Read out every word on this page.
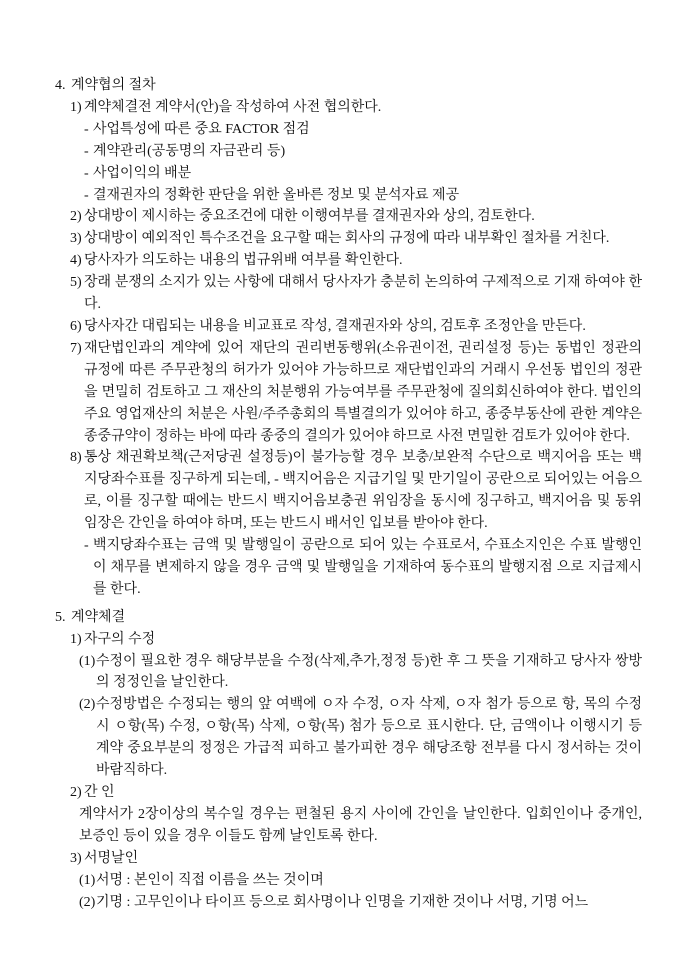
4. 계약협의 절차
1) 계약체결전 계약서(안)을 작성하여 사전 협의한다.
- 사업특성에 따른 중요 FACTOR 점검
- 계약관리(공동명의 자금관리 등)
- 사업이익의 배분
- 결재권자의 정확한 판단을 위한 올바른 정보 및 분석자료 제공
2) 상대방이 제시하는 중요조건에 대한 이행여부를 결재권자와 상의, 검토한다.
3) 상대방이 예외적인 특수조건을 요구할 때는 회사의 규정에 따라 내부확인 절차를 거친다.
4) 당사자가 의도하는 내용의 법규위배 여부를 확인한다.
5) 장래 분쟁의 소지가 있는 사항에 대해서 당사자가 충분히 논의하여 구제적으로 기재 하여야 한다.
6) 당사자간 대립되는 내용을 비교표로 작성, 결재권자와 상의, 검토후 조정안을 만든다.
7) 재단법인과의 계약에 있어 재단의 권리변동행위(소유권이전, 권리설정 등)는 동법인 정관의 규정에 따른 주무관청의 허가가 있어야 가능하므로 재단법인과의 거래시 우선동 법인의 정관을 면밀히 검토하고 그 재산의 처분행위 가능여부를 주무관청에 질의회신하여야 한다. 법인의 주요 영업재산의 처분은 사원/주주총회의 특별결의가 있어야 하고, 종중부동산에 관한 계약은 종중규약이 정하는 바에 따라 종중의 결의가 있어야 하므로 사전 면밀한 검토가 있어야 한다.
8) 통상 채권확보책(근저당권 설정등)이 불가능할 경우 보충/보완적 수단으로 백지어음 또는 백지당좌수표를 징구하게 되는데, - 백지어음은 지급기일 및 만기일이 공란으로 되어있는 어음으로, 이를 징구할 때에는 반드시 백지어음보충권 위임장을 동시에 징구하고, 백지어음 및 동위임장은 간인을 하여야 하며, 또는 반드시 배서인 입보를 받아야 한다.
- 백지당좌수표는 금액 및 발행일이 공란으로 되어 있는 수표로서, 수표소지인은 수표 발행인이 채무를 변제하지 않을 경우 금액 및 발행일을 기재하여 동수표의 발행지점 으로 지급제시를 한다.
5. 계약체결
1) 자구의 수정
(1) 수정이 필요한 경우 해당부분을 수정(삭제,추가,정정 등)한 후 그 뜻을 기재하고 당사자 쌍방의 정정인을 날인한다.
(2) 수정방법은 수정되는 행의 앞 여백에 ㅇ자 수정, ㅇ자 삭제, ㅇ자 첨가 등으로 항, 목의 수정시 ㅇ항(목) 수정, ㅇ항(목) 삭제, ㅇ항(목) 첨가 등으로 표시한다. 단, 금액이나 이행시기 등 계약 중요부분의 정정은 가급적 피하고 불가피한 경우 해당조항 전부를 다시 정서하는 것이 바람직하다.
2) 간 인
계약서가 2장이상의 복수일 경우는 편철된 용지 사이에 간인을 날인한다. 입회인이나 중개인, 보증인 등이 있을 경우 이들도 함께 날인토록 한다.
3) 서명날인
(1) 서명 : 본인이 직접 이름을 쓰는 것이며
(2) 기명 : 고무인이나 타이프 등으로 회사명이나 인명을 기재한 것이나 서명, 기명 어느
